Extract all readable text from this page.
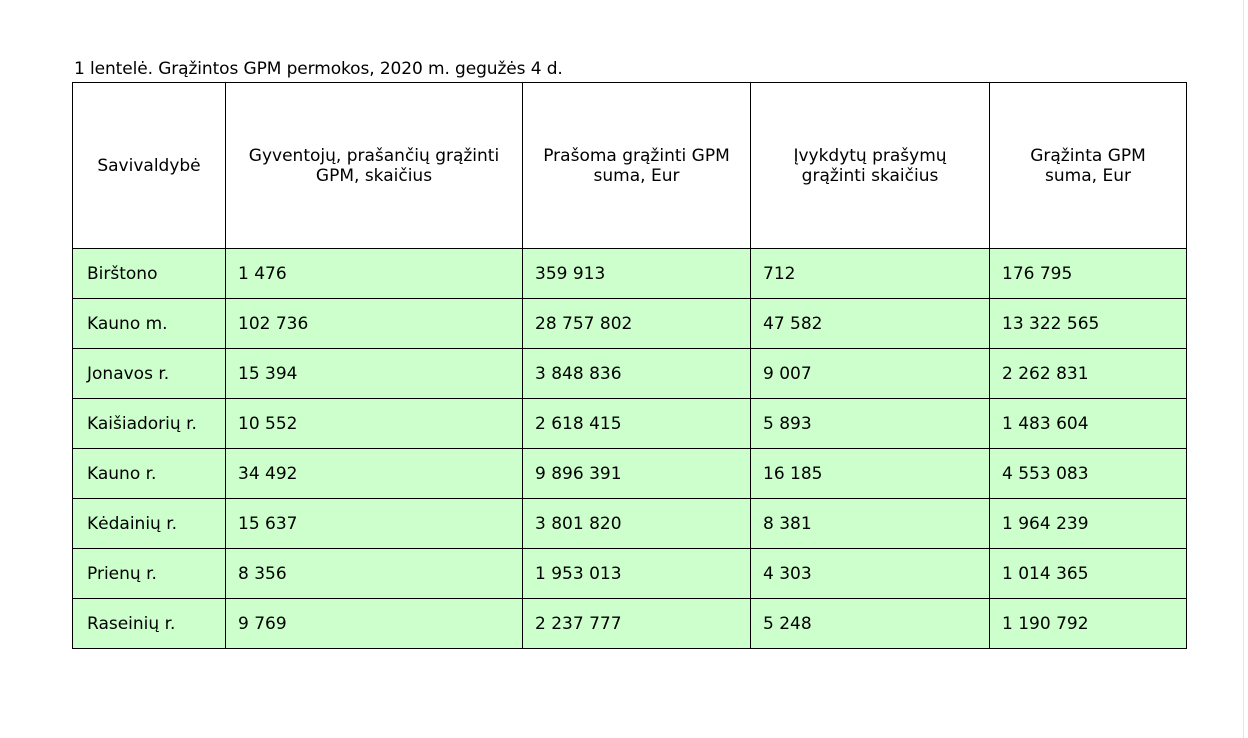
1 lentelė. Grąžintos GPM permokos, 2020 m. gegužės 4 d.
Savivaldybė	Gyventojų, prašančių grąžinti GPM, skaičius	Prašoma grąžinti GPM suma, Eur	Įvykdytų prašymų grąžinti skaičius	Grąžinta GPM suma, Eur
Birštono	1 476	359 913	712	176 795
Kauno m.	102 736	28 757 802	47 582	13 322 565
Jonavos r.	15 394	3 848 836	9 007	2 262 831
Kaišiadorių r.	10 552	2 618 415	5 893	1 483 604
Kauno r.	34 492	9 896 391	16 185	4 553 083
Kėdainių r.	15 637	3 801 820	8 381	1 964 239
Prienų r.	8 356	1 953 013	4 303	1 014 365
Raseinių r.	9 769	2 237 777	5 248	1 190 792
